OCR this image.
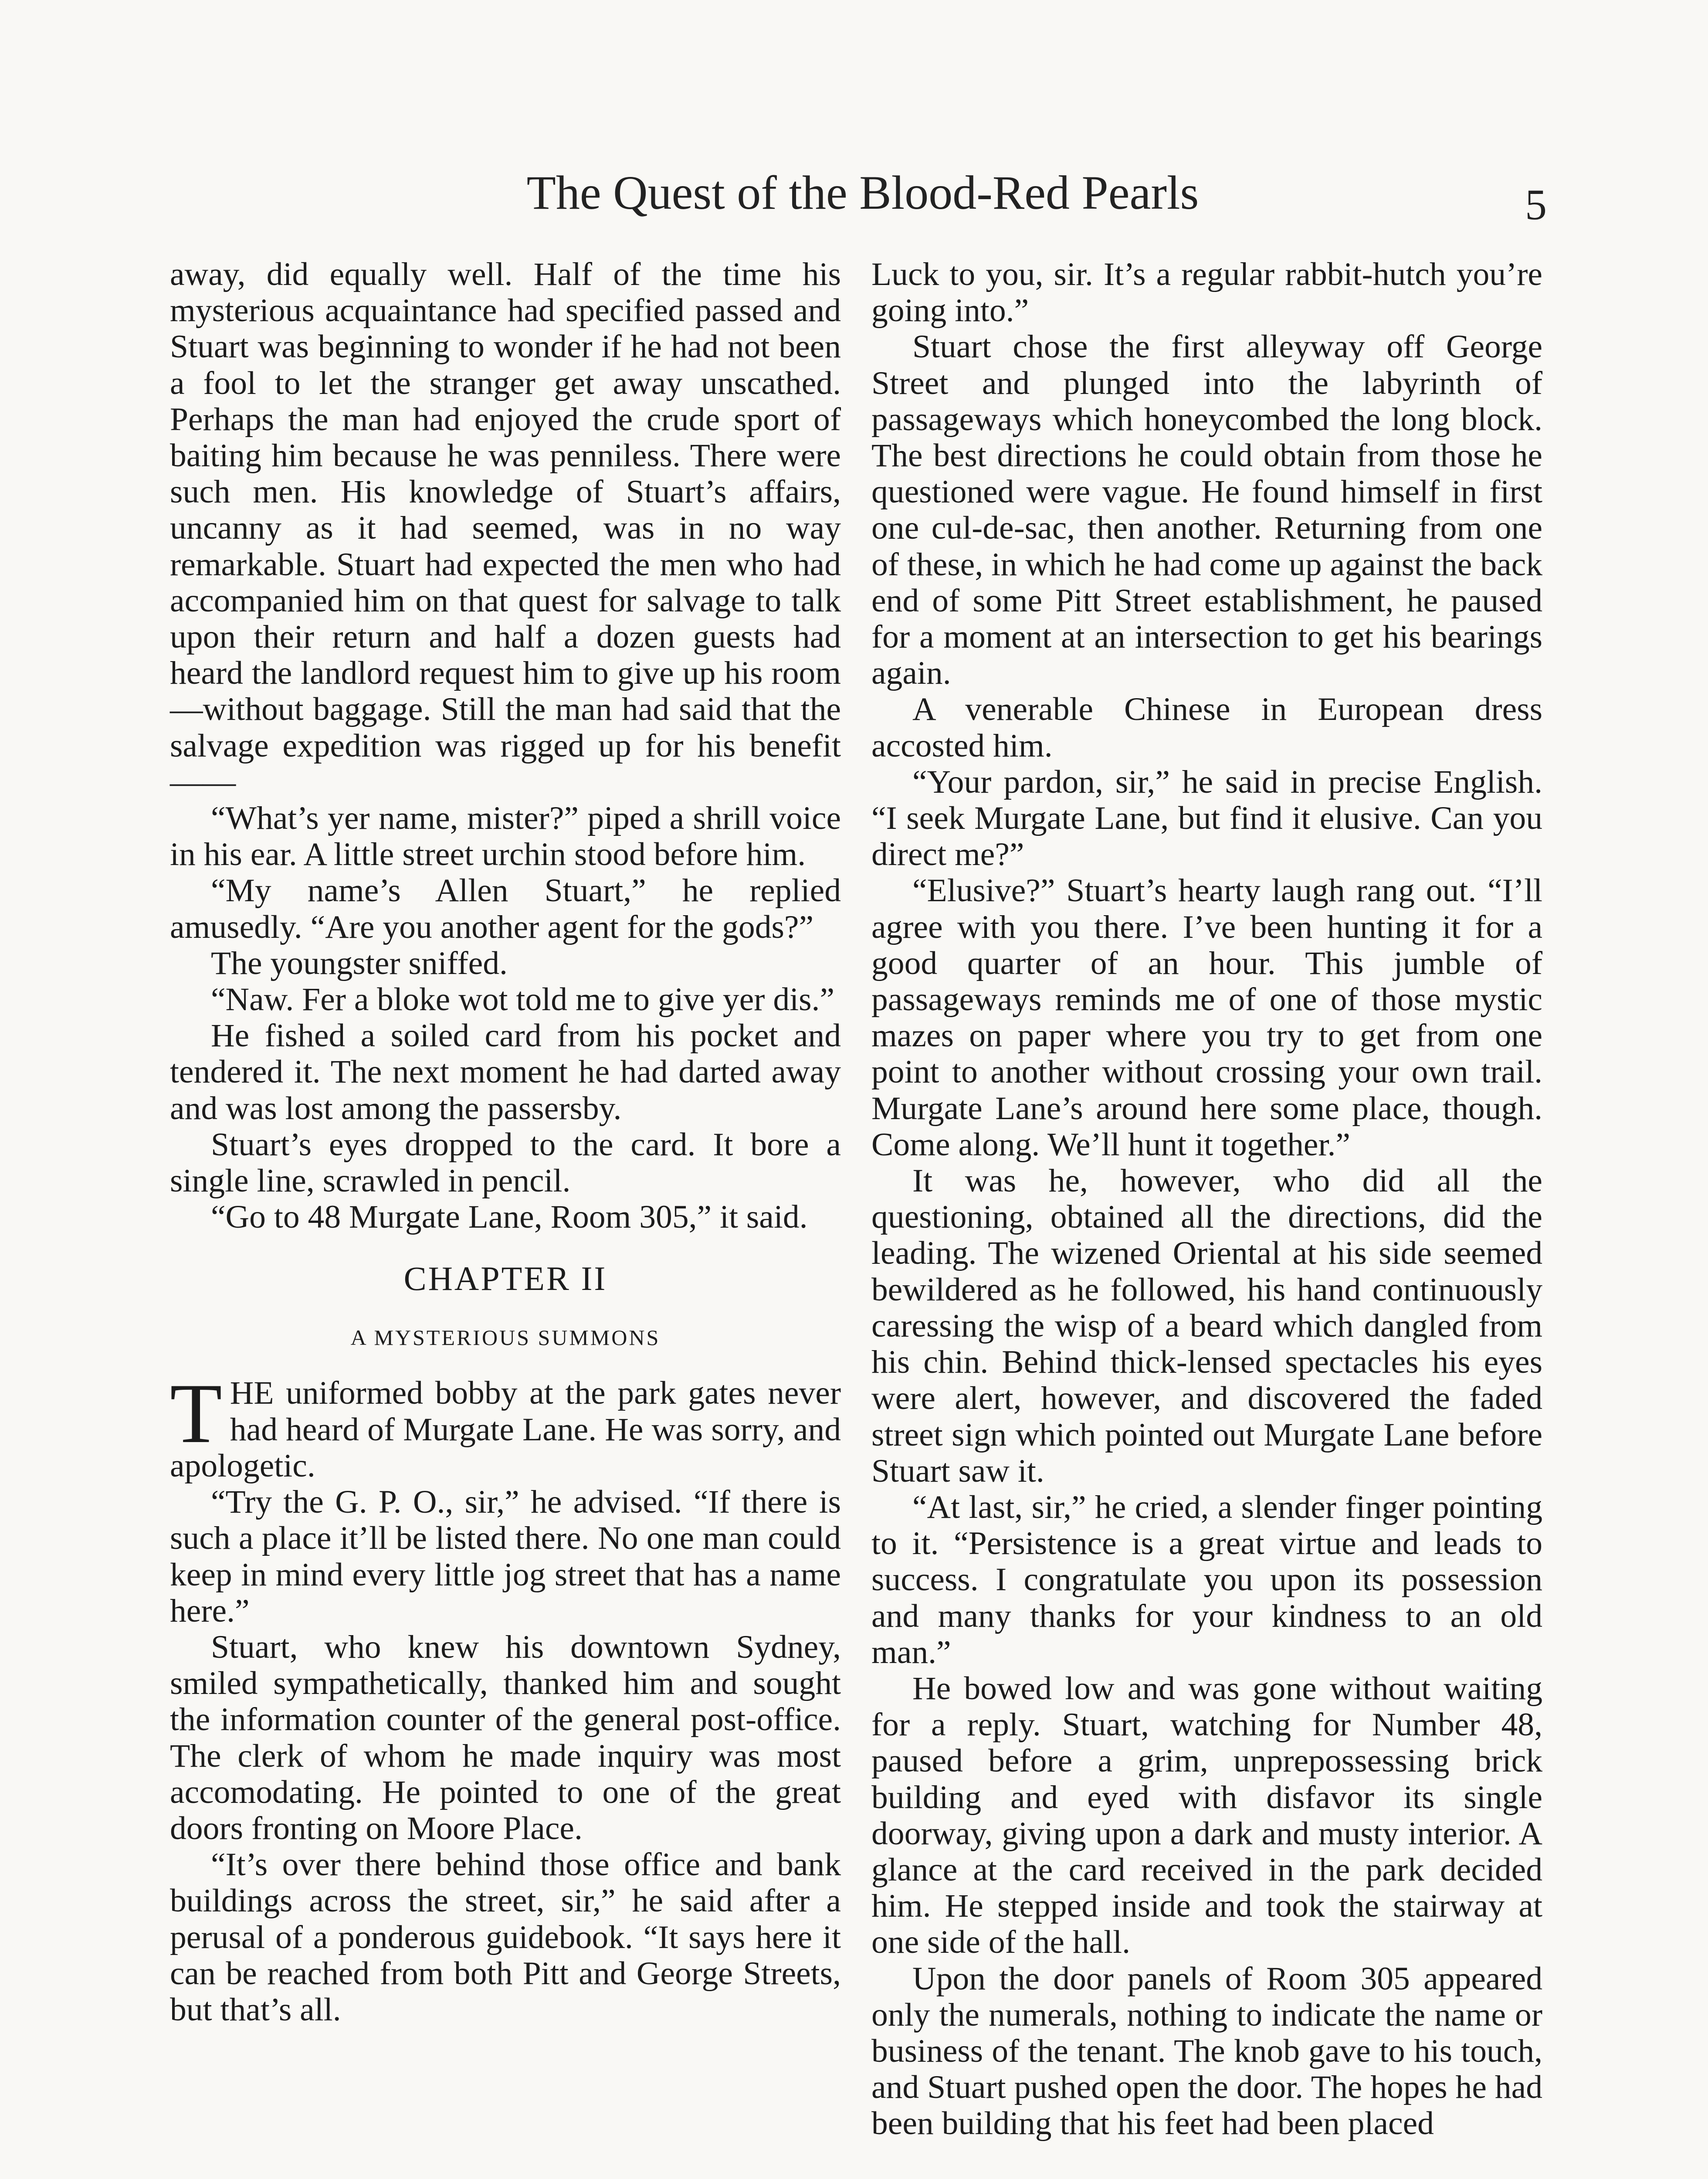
The Quest of the Blood-Red Pearls	5

away, did equally well. Half of the time his mysterious acquaintance had specified passed and Stuart was beginning to wonder if he had not been a fool to let the stranger get away unscathed. Perhaps the man had enjoyed the crude sport of baiting him because he was penniless. There were such men. His knowledge of Stuart’s affairs, uncanny as it had seemed, was in no way remarkable. Stuart had expected the men who had accompanied him on that quest for salvage to talk upon their return and half a dozen guests had heard the landlord request him to give up his room—without baggage. Still the man had said that the salvage expedition was rigged up for his benefit——

“What’s yer name, mister?” piped a shrill voice in his ear. A little street urchin stood before him.

“My name’s Allen Stuart,” he replied amusedly. “Are you another agent for the gods?”

The youngster sniffed.

“Naw. Fer a bloke wot told me to give yer dis.”

He fished a soiled card from his pocket and tendered it. The next moment he had darted away and was lost among the passersby.

Stuart’s eyes dropped to the card. It bore a single line, scrawled in pencil.

“Go to 48 Murgate Lane, Room 305,” it said.

CHAPTER II
A MYSTERIOUS SUMMONS

THE uniformed bobby at the park gates never had heard of Murgate Lane. He was sorry, and apologetic.

“Try the G. P. O., sir,” he advised. “If there is such a place it’ll be listed there. No one man could keep in mind every little jog street that has a name here.”

Stuart, who knew his downtown Sydney, smiled sympathetically, thanked him and sought the information counter of the general post-office. The clerk of whom he made inquiry was most accomodating. He pointed to one of the great doors fronting on Moore Place.

“It’s over there behind those office and bank buildings across the street, sir,” he said after a perusal of a ponderous guidebook. “It says here it can be reached from both Pitt and George Streets, but that’s all.

Luck to you, sir. It’s a regular rabbit-hutch you’re going into.”

Stuart chose the first alleyway off George Street and plunged into the labyrinth of passageways which honeycombed the long block. The best directions he could obtain from those he questioned were vague. He found himself in first one cul-de-sac, then another. Returning from one of these, in which he had come up against the back end of some Pitt Street establishment, he paused for a moment at an intersection to get his bearings again.

A venerable Chinese in European dress accosted him.

“Your pardon, sir,” he said in precise English. “I seek Murgate Lane, but find it elusive. Can you direct me?”

“Elusive?” Stuart’s hearty laugh rang out. “I’ll agree with you there. I’ve been hunting it for a good quarter of an hour. This jumble of passageways reminds me of one of those mystic mazes on paper where you try to get from one point to another without crossing your own trail. Murgate Lane’s around here some place, though. Come along. We’ll hunt it together.”

It was he, however, who did all the questioning, obtained all the directions, did the leading. The wizened Oriental at his side seemed bewildered as he followed, his hand continuously caressing the wisp of a beard which dangled from his chin. Behind thick-lensed spectacles his eyes were alert, however, and discovered the faded street sign which pointed out Murgate Lane before Stuart saw it.

“At last, sir,” he cried, a slender finger pointing to it. “Persistence is a great virtue and leads to success. I congratulate you upon its possession and many thanks for your kindness to an old man.”

He bowed low and was gone without waiting for a reply. Stuart, watching for Number 48, paused before a grim, unprepossessing brick building and eyed with disfavor its single doorway, giving upon a dark and musty interior. A glance at the card received in the park decided him. He stepped inside and took the stairway at one side of the hall.

Upon the door panels of Room 305 appeared only the numerals, nothing to indicate the name or business of the tenant. The knob gave to his touch, and Stuart pushed open the door. The hopes he had been building that his feet had been placed
